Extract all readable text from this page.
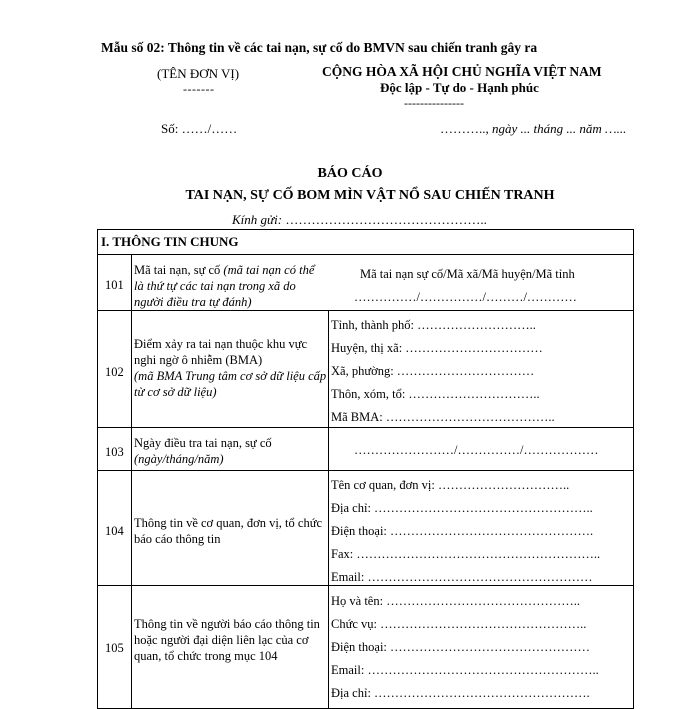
Mẫu số 02: Thông tin về các tai nạn, sự cố do BMVN sau chiến tranh gây ra
(TÊN ĐƠN VỊ)
-------
CỘNG HÒA XÃ HỘI CHỦ NGHĨA VIỆT NAM
Độc lập - Tự do - Hạnh phúc
---------------
Số: ……/……	……….., ngày ... tháng ... năm …...
BÁO CÁO
TAI NẠN, SỰ CỐ BOM MÌN VẬT NỔ SAU CHIẾN TRANH
Kính gửi: ………………………………………..
I. THÔNG TIN CHUNG
101
Mã tai nạn, sự cố (mã tai nạn có thể là thứ tự các tai nạn trong xã do người điều tra tự đánh)
Mã tai nạn sự cố/Mã xã/Mã huyện/Mã tỉnh
……………/……………/………/…………
102
Điểm xảy ra tai nạn thuộc khu vực nghi ngờ ô nhiễm (BMA)
(mã BMA Trung tâm cơ sở dữ liệu cấp từ cơ sở dữ liệu)
Tỉnh, thành phố: ………………………..
Huyện, thị xã: ……………………………
Xã, phường: ……………………………
Thôn, xóm, tổ: …………………………..
Mã BMA: …………………………………..
103
Ngày điều tra tai nạn, sự cố
(ngày/tháng/năm)
……………………/……………/………………
104
Thông tin về cơ quan, đơn vị, tổ chức báo cáo thông tin
Tên cơ quan, đơn vị: …………………………..
Địa chỉ: ……………………………………………..
Điện thoại: ………………………………………….
Fax: …………………………………………………..
Email: ………………………………………………
105
Thông tin về người báo cáo thông tin hoặc người đại diện liên lạc của cơ quan, tổ chức trong mục 104
Họ và tên: ………………………………………..
Chức vụ: …………………………………………..
Điện thoại: …………………………………………
Email: ………………………………………………..
Địa chỉ: …………………………………………….
